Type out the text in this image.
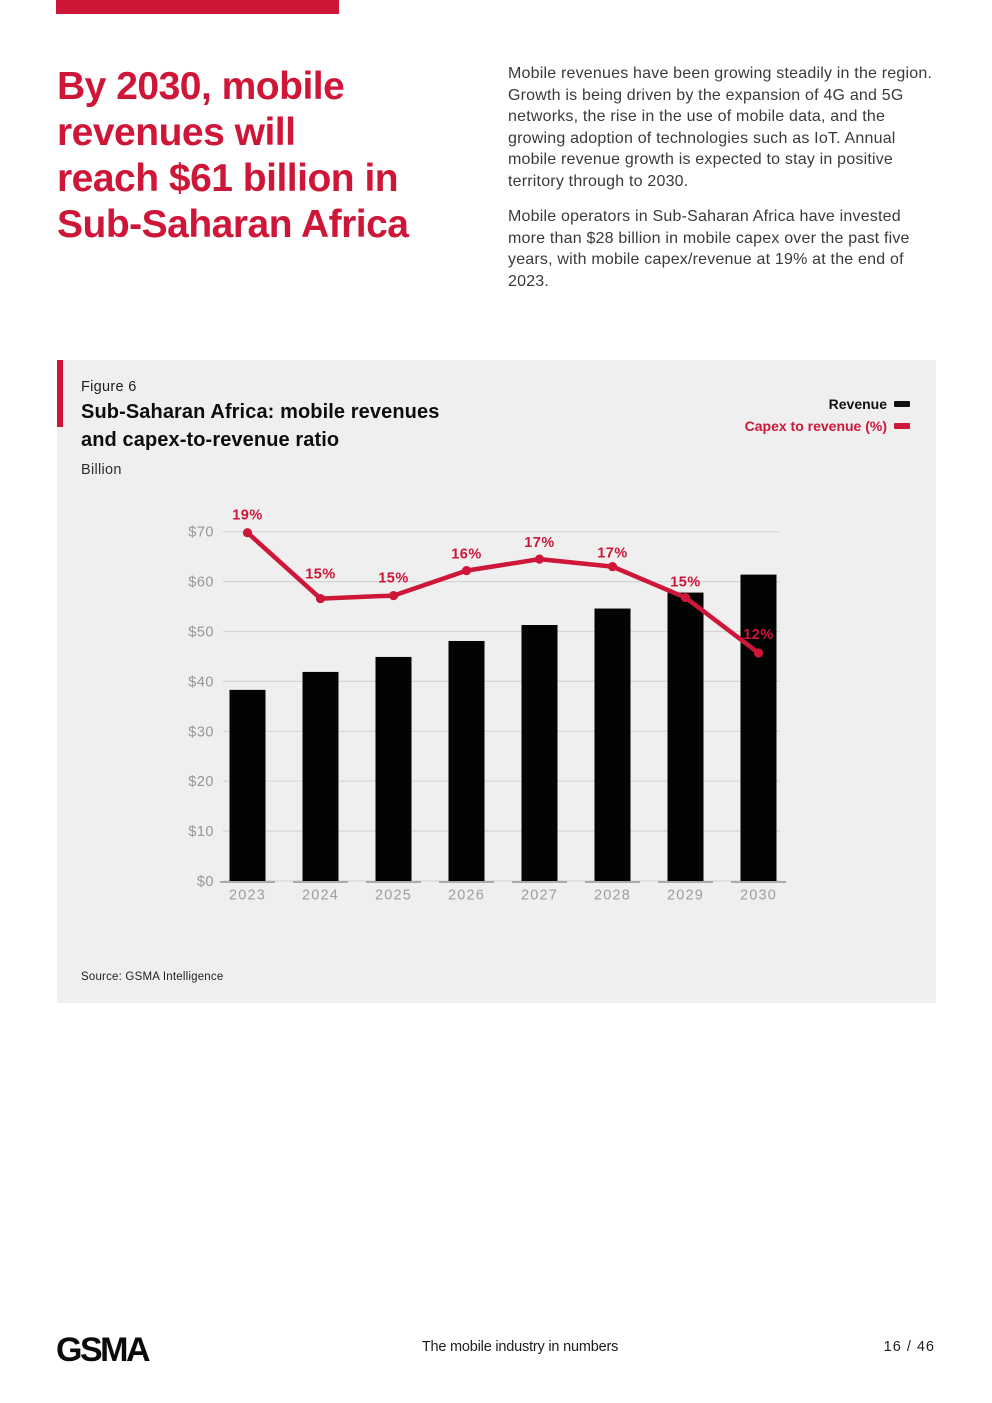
By 2030, mobile
revenues will
reach $61 billion in
Sub-Saharan Africa

Mobile revenues have been growing steadily in the region. Growth is being driven by the expansion of 4G and 5G networks, the rise in the use of mobile data, and the growing adoption of technologies such as IoT. Annual mobile revenue growth is expected to stay in positive territory through to 2030.

Mobile operators in Sub-Saharan Africa have invested more than $28 billion in mobile capex over the past five years, with mobile capex/revenue at 19% at the end of 2023.

Figure 6
Sub-Saharan Africa: mobile revenues
and capex-to-revenue ratio
Revenue
Capex to revenue (%)
Billion
$0
$10
$20
$30
$40
$50
$60
$70
2023 2024 2025 2026 2027 2028 2029 2030
19%
15%	15%
16%
17%
17%
15%
12%
Source: GSMA Intelligence
GSMA	The mobile industry in numbers	16 / 46
